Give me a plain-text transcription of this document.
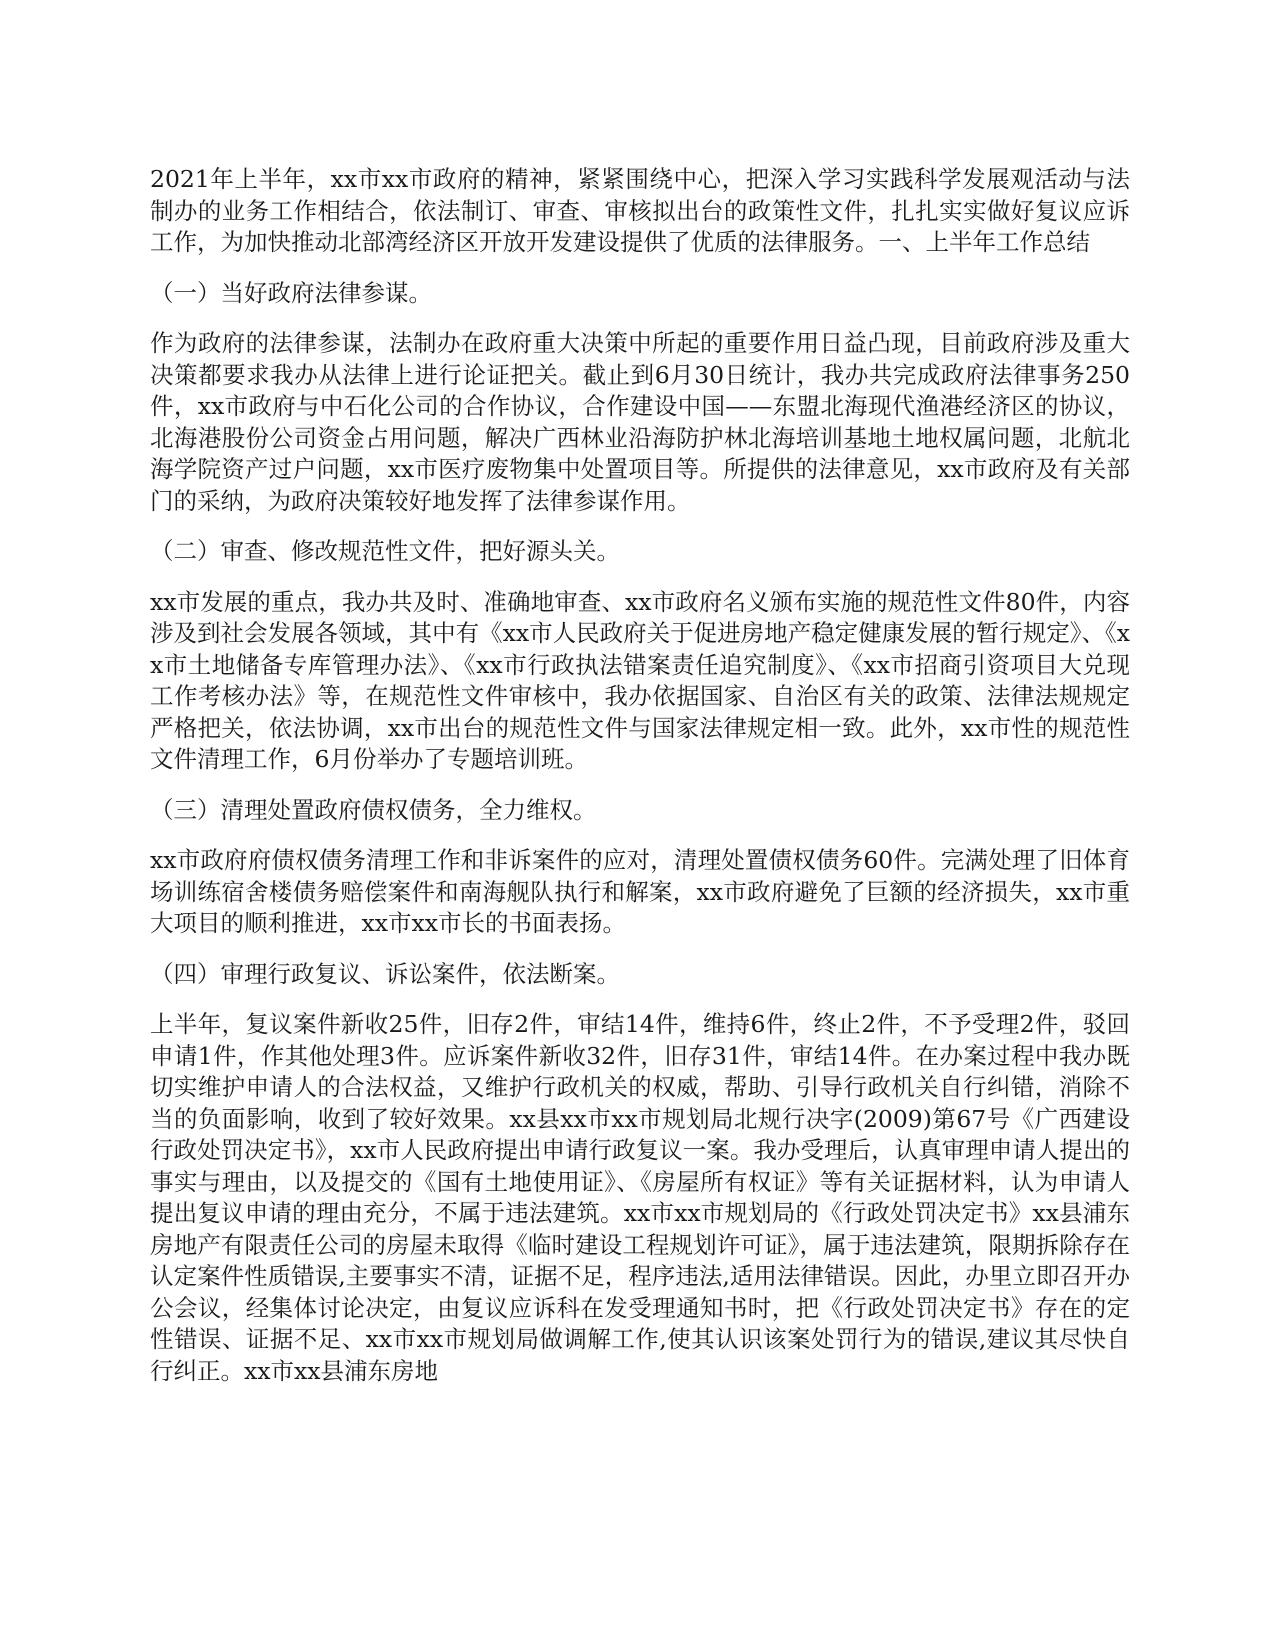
2021年上半年，xx市xx市政府的精神，紧紧围绕中心，把深入学习实践科学发展观活动与法制办的业务工作相结合，依法制订、审查、审核拟出台的政策性文件，扎扎实实做好复议应诉工作，为加快推动北部湾经济区开放开发建设提供了优质的法律服务。一、上半年工作总结

（一）当好政府法律参谋。

作为政府的法律参谋，法制办在政府重大决策中所起的重要作用日益凸现，目前政府涉及重大决策都要求我办从法律上进行论证把关。截止到6月30日统计，我办共完成政府法律事务250件，xx市政府与中石化公司的合作协议，合作建设中国——东盟北海现代渔港经济区的协议，北海港股份公司资金占用问题，解决广西林业沿海防护林北海培训基地土地权属问题，北航北海学院资产过户问题，xx市医疗废物集中处置项目等。所提供的法律意见，xx市政府及有关部门的采纳，为政府决策较好地发挥了法律参谋作用。

（二）审查、修改规范性文件，把好源头关。

xx市发展的重点，我办共及时、准确地审查、xx市政府名义颁布实施的规范性文件80件，内容涉及到社会发展各领域，其中有《xx市人民政府关于促进房地产稳定健康发展的暂行规定》、《xx市土地储备专库管理办法》、《xx市行政执法错案责任追究制度》、《xx市招商引资项目大兑现工作考核办法》等，在规范性文件审核中，我办依据国家、自治区有关的政策、法律法规规定严格把关，依法协调，xx市出台的规范性文件与国家法律规定相一致。此外，xx市性的规范性文件清理工作，6月份举办了专题培训班。

（三）清理处置政府债权债务，全力维权。

xx市政府府债权债务清理工作和非诉案件的应对，清理处置债权债务60件。完满处理了旧体育场训练宿舍楼债务赔偿案件和南海舰队执行和解案，xx市政府避免了巨额的经济损失，xx市重大项目的顺利推进，xx市xx市长的书面表扬。

（四）审理行政复议、诉讼案件，依法断案。

上半年，复议案件新收25件，旧存2件，审结14件，维持6件，终止2件，不予受理2件，驳回申请1件，作其他处理3件。应诉案件新收32件，旧存31件，审结14件。在办案过程中我办既切实维护申请人的合法权益，又维护行政机关的权威，帮助、引导行政机关自行纠错，消除不当的负面影响，收到了较好效果。xx县xx市xx市规划局北规行决字(2009)第67号《广西建设行政处罚决定书》，xx市人民政府提出申请行政复议一案。我办受理后，认真审理申请人提出的事实与理由，以及提交的《国有土地使用证》、《房屋所有权证》等有关证据材料，认为申请人提出复议申请的理由充分，不属于违法建筑。xx市xx市规划局的《行政处罚决定书》xx县浦东房地产有限责任公司的房屋未取得《临时建设工程规划许可证》，属于违法建筑，限期拆除存在认定案件性质错误,主要事实不清，证据不足，程序违法,适用法律错误。因此，办里立即召开办公会议，经集体讨论决定，由复议应诉科在发受理通知书时，把《行政处罚决定书》存在的定性错误、证据不足、xx市xx市规划局做调解工作,使其认识该案处罚行为的错误,建议其尽快自行纠正。xx市xx县浦东房地
